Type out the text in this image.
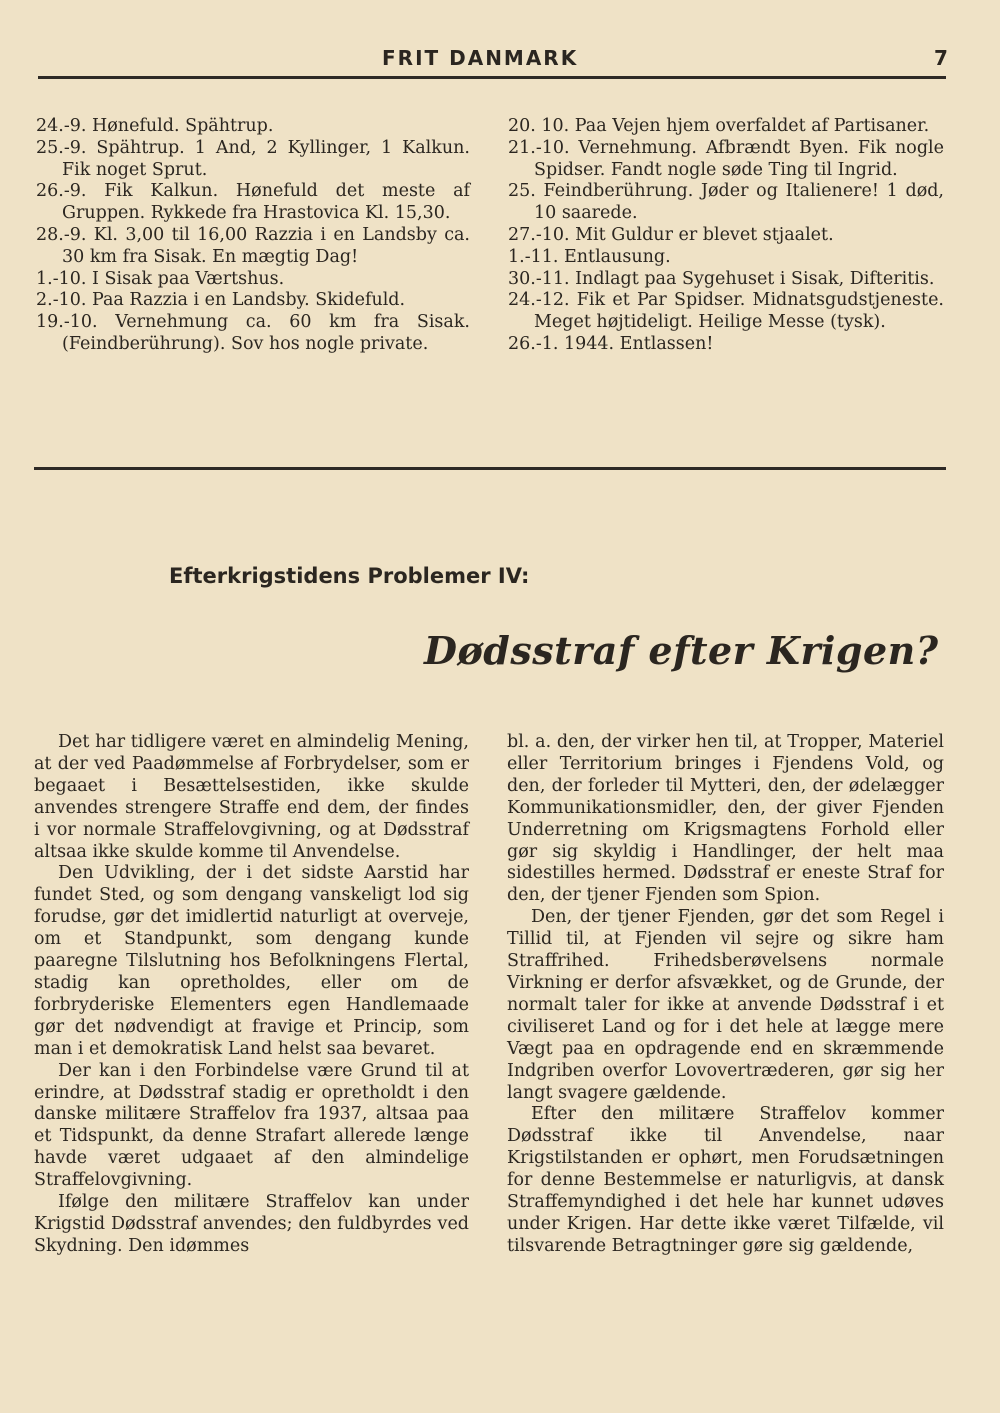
FRIT DANMARK	7

24.-9. Hønefuld. Spähtrup.

25.-9. Spähtrup. 1 And, 2 Kyllinger, 1 Kalkun. Fik noget Sprut.

26.-9. Fik Kalkun. Hønefuld det meste af Gruppen. Rykkede fra Hrastovica Kl. 15,30.

28.-9. Kl. 3,00 til 16,00 Razzia i en Landsby ca. 30 km fra Sisak. En mægtig Dag!

1.-10. I Sisak paa Værtshus.

2.-10. Paa Razzia i en Landsby. Skidefuld.

19.-10. Vernehmung ca. 60 km fra Sisak. (Feindberührung). Sov hos nogle private.

20. 10. Paa Vejen hjem overfaldet af Partisaner.

21.-10. Vernehmung. Afbrændt Byen. Fik nogle Spidser. Fandt nogle søde Ting til Ingrid.

25. Feindberührung. Jøder og Italienere! 1 død, 10 saarede.

27.-10. Mit Guldur er blevet stjaalet.

1.-11. Entlausung.

30.-11. Indlagt paa Sygehuset i Sisak, Difteritis.

24.-12. Fik et Par Spidser. Midnatsgudstjeneste. Meget højtideligt. Heilige Messe (tysk).

26.-1. 1944. Entlassen!

Efterkrigstidens Problemer IV:
Dødsstraf efter Krigen?

Det har tidligere været en almindelig Mening, at der ved Paadømmelse af Forbrydelser, som er begaaet i Besættelsestiden, ikke skulde anvendes strengere Straffe end dem, der findes i vor normale Straffelovgivning, og at Dødsstraf altsaa ikke skulde komme til Anvendelse.

Den Udvikling, der i det sidste Aarstid har fundet Sted, og som dengang vanskeligt lod sig forudse, gør det imidlertid naturligt at overveje, om et Standpunkt, som dengang kunde paaregne Tilslutning hos Befolkningens Flertal, stadig kan opretholdes, eller om de forbryderiske Elementers egen Handlemaade gør det nødvendigt at fravige et Princip, som man i et demokratisk Land helst saa bevaret.

Der kan i den Forbindelse være Grund til at erindre, at Dødsstraf stadig er opretholdt i den danske militære Straffelov fra 1937, altsaa paa et Tidspunkt, da denne Strafart allerede længe havde været udgaaet af den almindelige Straffelovgivning.

Ifølge den militære Straffelov kan under Krigstid Dødsstraf anvendes; den fuldbyrdes ved Skydning. Den idømmes

bl. a. den, der virker hen til, at Tropper, Materiel eller Territorium bringes i Fjendens Vold, og den, der forleder til Mytteri, den, der ødelægger Kommunikationsmidler, den, der giver Fjenden Underretning om Krigsmagtens Forhold eller gør sig skyldig i Handlinger, der helt maa sidestilles hermed. Dødsstraf er eneste Straf for den, der tjener Fjenden som Spion.

Den, der tjener Fjenden, gør det som Regel i Tillid til, at Fjenden vil sejre og sikre ham Straffrihed. Frihedsberøvelsens normale Virkning er derfor afsvækket, og de Grunde, der normalt taler for ikke at anvende Dødsstraf i et civiliseret Land og for i det hele at lægge mere Vægt paa en opdragende end en skræmmende Indgriben overfor Lovovertræderen, gør sig her langt svagere gældende.

Efter den militære Straffelov kommer Dødsstraf ikke til Anvendelse, naar Krigstilstanden er ophørt, men Forudsætningen for denne Bestemmelse er naturligvis, at dansk Straffemyndighed i det hele har kunnet udøves under Krigen. Har dette ikke været Tilfælde, vil tilsvarende Betragtninger gøre sig gældende,
